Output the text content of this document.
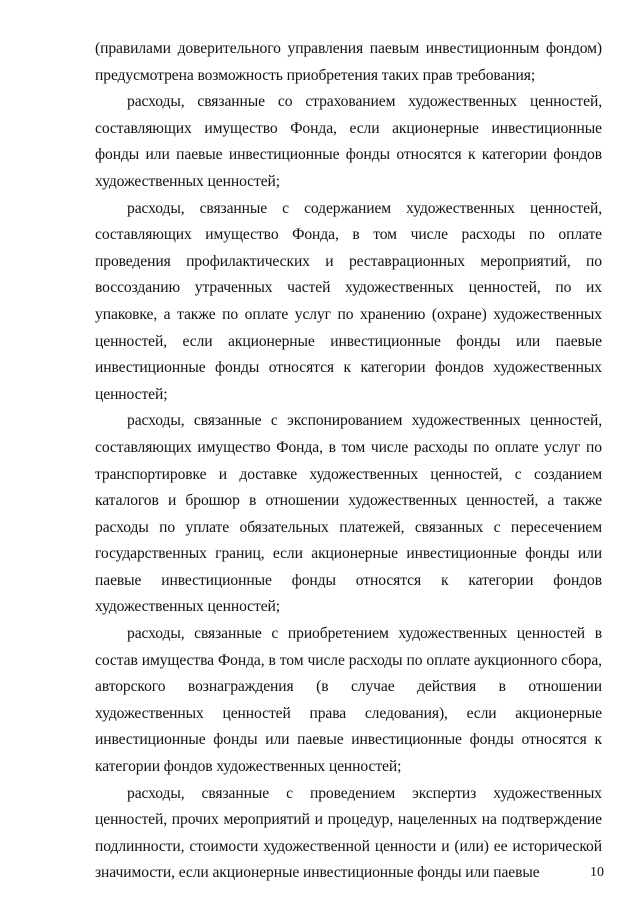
(правилами доверительного управления паевым инвестиционным фондом) предусмотрена возможность приобретения таких прав требования;

расходы, связанные со страхованием художественных ценностей, составляющих имущество Фонда, если акционерные инвестиционные фонды или паевые инвестиционные фонды относятся к категории фондов художественных ценностей;

расходы, связанные с содержанием художественных ценностей, составляющих имущество Фонда, в том числе расходы по оплате проведения профилактических и реставрационных мероприятий, по воссозданию утраченных частей художественных ценностей, по их упаковке, а также по оплате услуг по хранению (охране) художественных ценностей, если акционерные инвестиционные фонды или паевые инвестиционные фонды относятся к категории фондов художественных ценностей;

расходы, связанные с экспонированием художественных ценностей, составляющих имущество Фонда, в том числе расходы по оплате услуг по транспортировке и доставке художественных ценностей, с созданием каталогов и брошюр в отношении художественных ценностей, а также расходы по уплате обязательных платежей, связанных с пересечением государственных границ, если акционерные инвестиционные фонды или паевые инвестиционные фонды относятся к категории фондов художественных ценностей;

расходы, связанные с приобретением художественных ценностей в состав имущества Фонда, в том числе расходы по оплате аукционного сбора, авторского вознаграждения (в случае действия в отношении художественных ценностей права следования), если акционерные инвестиционные фонды или паевые инвестиционные фонды относятся к категории фондов художественных ценностей;

расходы, связанные с проведением экспертиз художественных ценностей, прочих мероприятий и процедур, нацеленных на подтверждение подлинности, стоимости художественной ценности и (или) ее исторической значимости, если акционерные инвестиционные фонды или паевые	10
